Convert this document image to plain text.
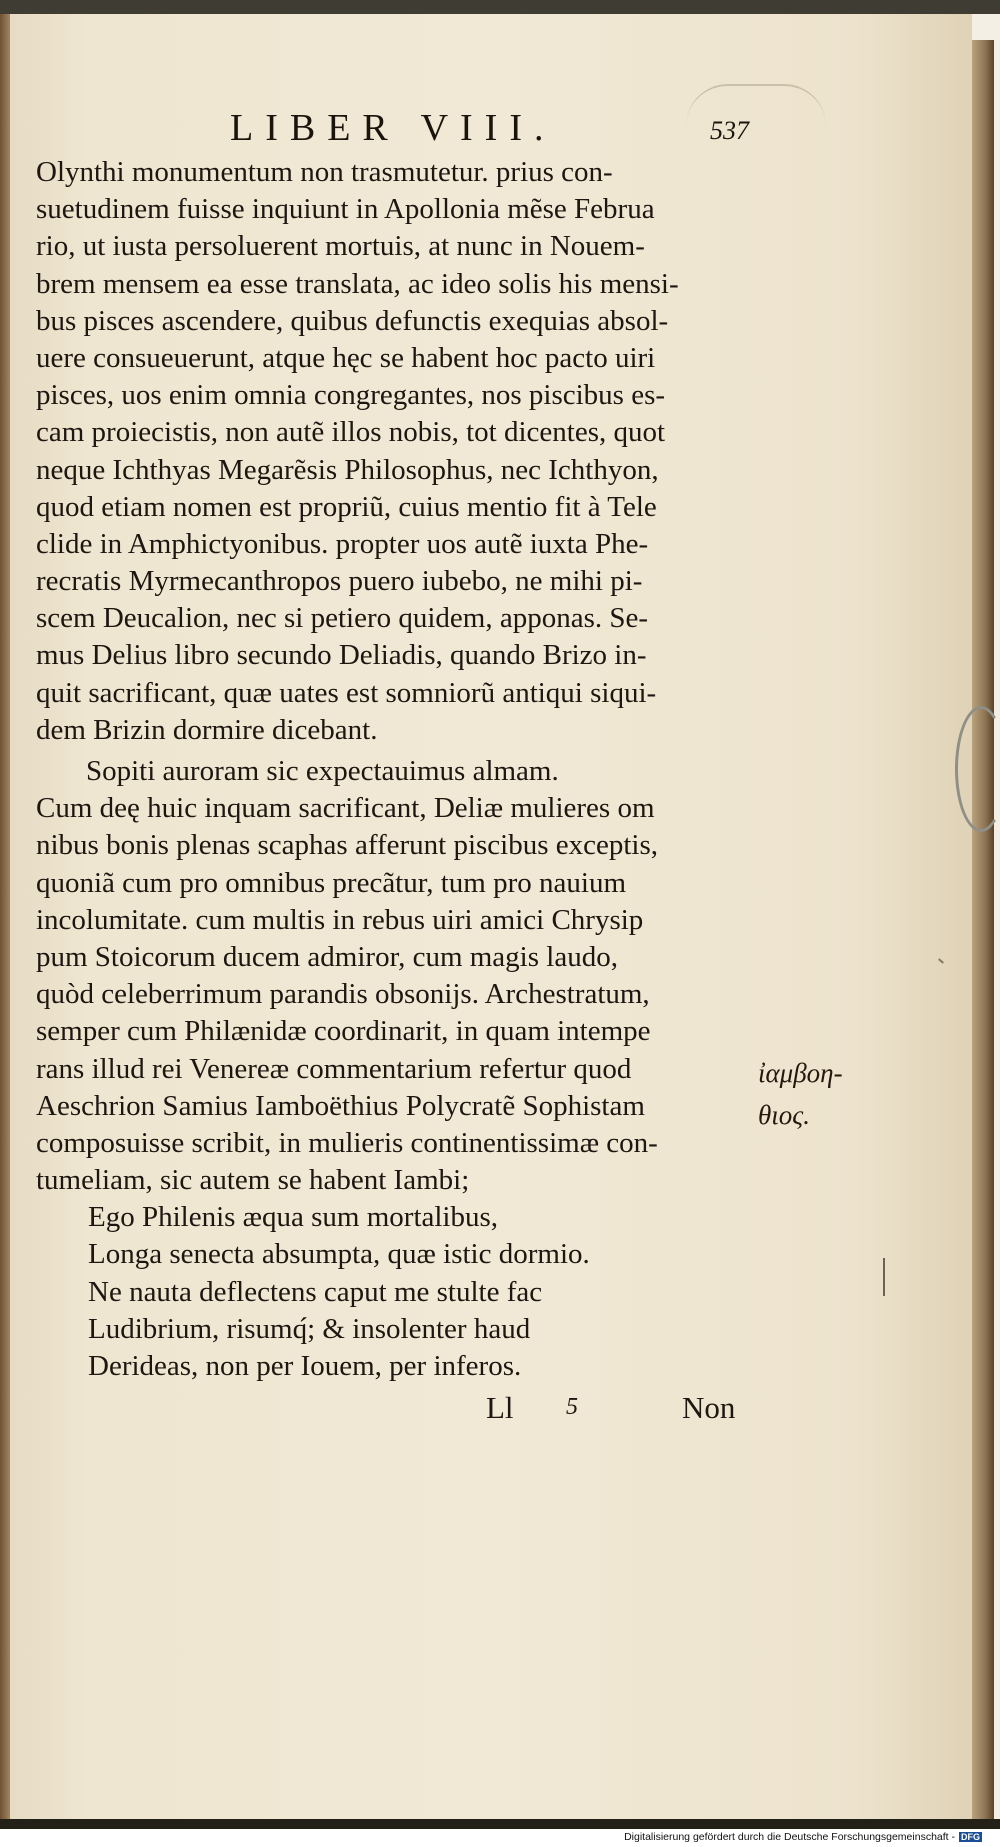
LIBER VIII.	537
Olynthi monumentum non trasmutetur. prius con-
suetudinem fuisse inquiunt in Apollonia mẽse Februa
rio, ut iusta persoluerent mortuis, at nunc in Nouem-
brem mensem ea esse translata, ac ideo solis his mensi-
bus pisces ascendere, quibus defunctis exequias absol-
uere consueuerunt, atque hęc se habent hoc pacto uiri
pisces, uos enim omnia congregantes, nos piscibus es-
cam proiecistis, non autẽ illos nobis, tot dicentes, quot
neque Ichthyas Megarẽsis Philosophus, nec Ichthyon,
quod etiam nomen est propriũ, cuius mentio fit à Tele
clide in Amphictyonibus. propter uos autẽ iuxta Phe-
recratis Myrmecanthropos puero iubebo, ne mihi pi-
scem Deucalion, nec si petiero quidem, apponas. Se-
mus Delius libro secundo Deliadis, quando Brizo in-
quit sacrificant, quæ uates est somniorũ antiqui siqui-
dem Brizin dormire dicebant.
Sopiti auroram sic expectauimus almam.
Cum deę huic inquam sacrificant, Deliæ mulieres om
nibus bonis plenas scaphas afferunt piscibus exceptis,
quoniã cum pro omnibus precãtur, tum pro nauium
incolumitate. cum multis in rebus uiri amici Chrysip
pum Stoicorum ducem admiror, cum magis laudo,
quòd celeberrimum parandis obsonijs. Archestratum,
semper cum Philænidæ coordinarit, in quam intempe
rans illud rei Venereæ commentarium refertur quod
Aeschrion Samius Iamboëthius Polycratẽ Sophistam
composuisse scribit, in mulieris continentissimæ con-
tumeliam, sic autem se habent Iambi;
Ego Philenis æqua sum mortalibus,
Longa senecta absumpta, quæ istic dormio.
Ne nauta deflectens caput me stulte fac
Ludibrium, risumq́; & insolenter haud
Derideas, non per Iouem, per inferos.
Ll 5	Non
ἰαμβοη-
θιος.
Digitalisierung gefördert durch die Deutsche Forschungsgemeinschaft - DFG
